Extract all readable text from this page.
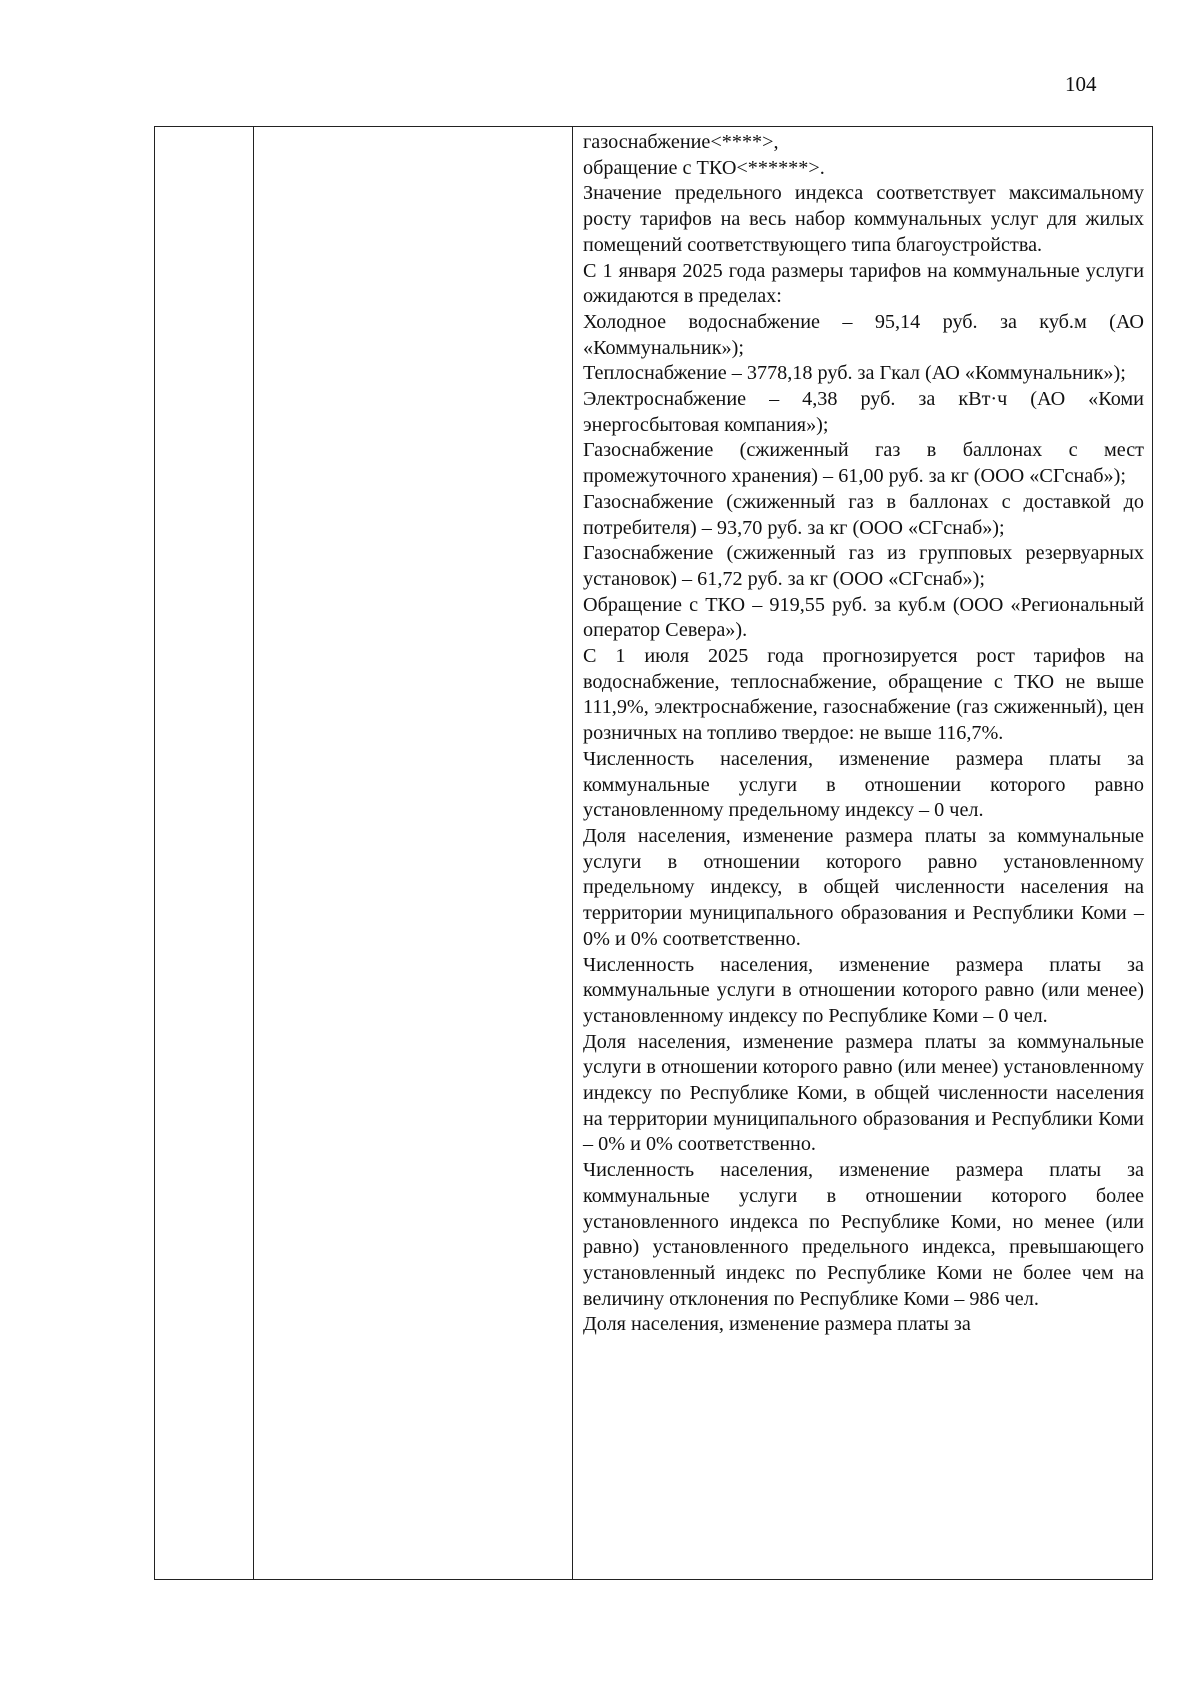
104

газоснабжение<****>,

обращение с ТКО<******>.

Значение предельного индекса соответствует максимальному росту тарифов на весь набор коммунальных услуг для жилых помещений соответствующего типа благоустройства.

С 1 января 2025 года размеры тарифов на коммунальные услуги ожидаются в пределах:

Холодное водоснабжение – 95,14 руб. за куб.м (АО «Коммунальник»);

Теплоснабжение – 3778,18 руб. за Гкал (АО «Коммунальник»);

Электроснабжение – 4,38 руб. за кВт·ч (АО «Коми энергосбытовая компания»);

Газоснабжение (сжиженный газ в баллонах с мест промежуточного хранения) – 61,00 руб. за кг (ООО «СГснаб»);

Газоснабжение (сжиженный газ в баллонах с доставкой до потребителя) – 93,70 руб. за кг (ООО «СГснаб»);

Газоснабжение (сжиженный газ из групповых резервуарных установок) – 61,72 руб. за кг (ООО «СГснаб»);

Обращение с ТКО – 919,55 руб. за куб.м (ООО «Региональный оператор Севера»).

С 1 июля 2025 года прогнозируется рост тарифов на водоснабжение, теплоснабжение, обращение с ТКО не выше 111,9%, электроснабжение, газоснабжение (газ сжиженный), цен розничных на топливо твердое: не выше 116,7%.

Численность населения, изменение размера платы за коммунальные услуги в отношении которого равно установленному предельному индексу – 0 чел.

Доля населения, изменение размера платы за коммунальные услуги в отношении которого равно установленному предельному индексу, в общей численности населения на территории муниципального образования и Республики Коми – 0% и 0% соответственно.

Численность населения, изменение размера платы за коммунальные услуги в отношении которого равно (или менее) установленному индексу по Республике Коми – 0 чел.

Доля населения, изменение размера платы за коммунальные услуги в отношении которого равно (или менее) установленному индексу по Республике Коми, в общей численности населения на территории муниципального образования и Республики Коми – 0% и 0% соответственно.

Численность населения, изменение размера платы за коммунальные услуги в отношении которого более установленного индекса по Республике Коми, но менее (или равно) установленного предельного индекса, превышающего установленный индекс по Республике Коми не более чем на величину отклонения по Республике Коми – 986 чел.

Доля населения, изменение размера платы за
